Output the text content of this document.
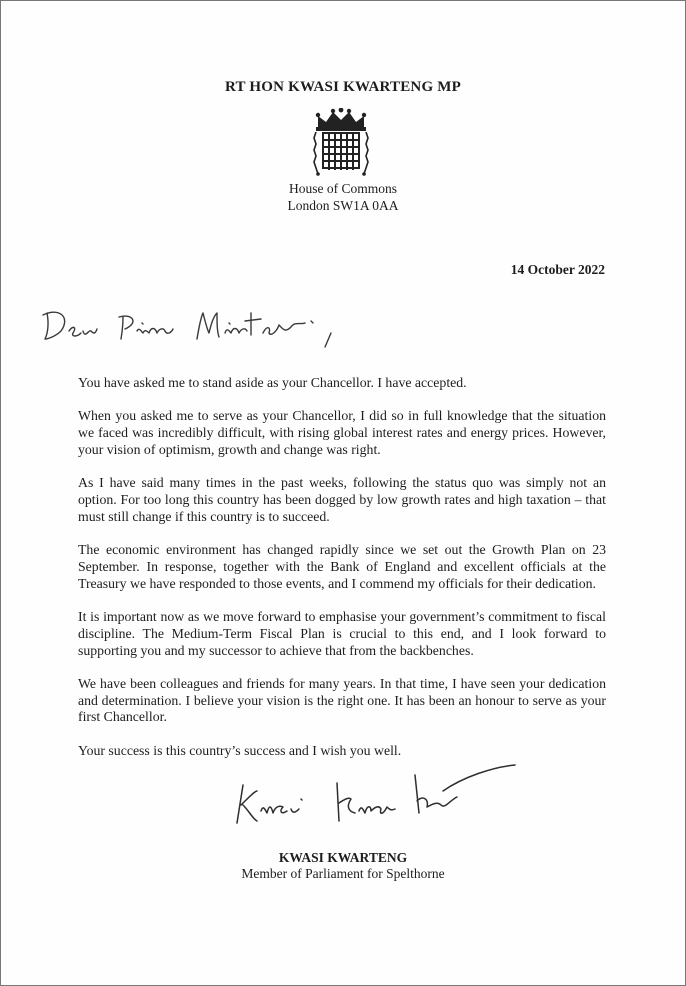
RT HON KWASI KWARTENG MP
House of Commons
London SW1A 0AA
14 October 2022

You have asked me to stand aside as your Chancellor. I have accepted.

When you asked me to serve as your Chancellor, I did so in full knowledge that the situation we faced was incredibly difficult, with rising global interest rates and energy prices. However, your vision of optimism, growth and change was right.

As I have said many times in the past weeks, following the status quo was simply not an option. For too long this country has been dogged by low growth rates and high taxation – that must still change if this country is to succeed.

The economic environment has changed rapidly since we set out the Growth Plan on 23 September. In response, together with the Bank of England and excellent officials at the Treasury we have responded to those events, and I commend my officials for their dedication.

It is important now as we move forward to emphasise your government’s commitment to fiscal discipline. The Medium-Term Fiscal Plan is crucial to this end, and I look forward to supporting you and my successor to achieve that from the backbenches.

We have been colleagues and friends for many years. In that time, I have seen your dedication and determination. I believe your vision is the right one. It has been an honour to serve as your first Chancellor.

Your success is this country’s success and I wish you well.

KWASI KWARTENG
Member of Parliament for Spelthorne
